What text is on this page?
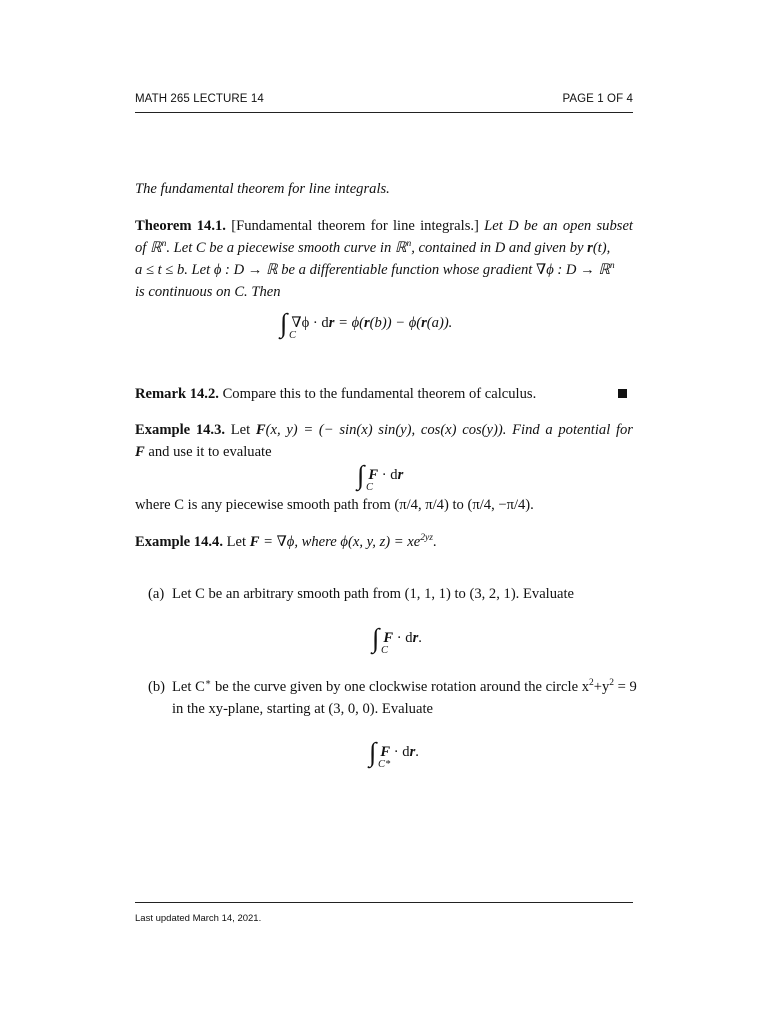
MATH 265 LECTURE 14	PAGE 1 OF 4
The fundamental theorem for line integrals.
Theorem 14.1. [Fundamental theorem for line integrals.] Let D be an open subset
of ℝ$^n$. Let C be a piecewise smooth curve in ℝ$^n$, contained in D and given by r(t),
a ≤ t ≤ b. Let ϕ : D → ℝ be a differentiable function whose gradient ∇ϕ : D → ℝ$^n$
is continuous on C. Then
∫ C
∇ϕ · dr = ϕ(r(b)) − ϕ(r(a)).
Remark 14.2. Compare this to the fundamental theorem of calculus.
Example 14.3. Let F(x, y) = (− sin(x) sin(y), cos(x) cos(y)). Find a potential for
F and use it to evaluate
∫ C
F · dr
where C is any piecewise smooth path from (π/4, π/4) to (π/4, −π/4).
Example 14.4. Let F = ∇ϕ, where ϕ(x, y, $z) = xe^{2yz}$.
(a) Let C be an arbitrary smooth path from (1, 1, 1) to (3, 2, 1). Evaluate
∫ C
F · dr.
(b) Let C∗ be the curve given by one clockwise rotation around the circle $x^2+y^2 = 9$
in the xy-plane, starting at (3, 0, 0). Evaluate
∫ C*
F · dr.
Last updated March 14, 2021.
